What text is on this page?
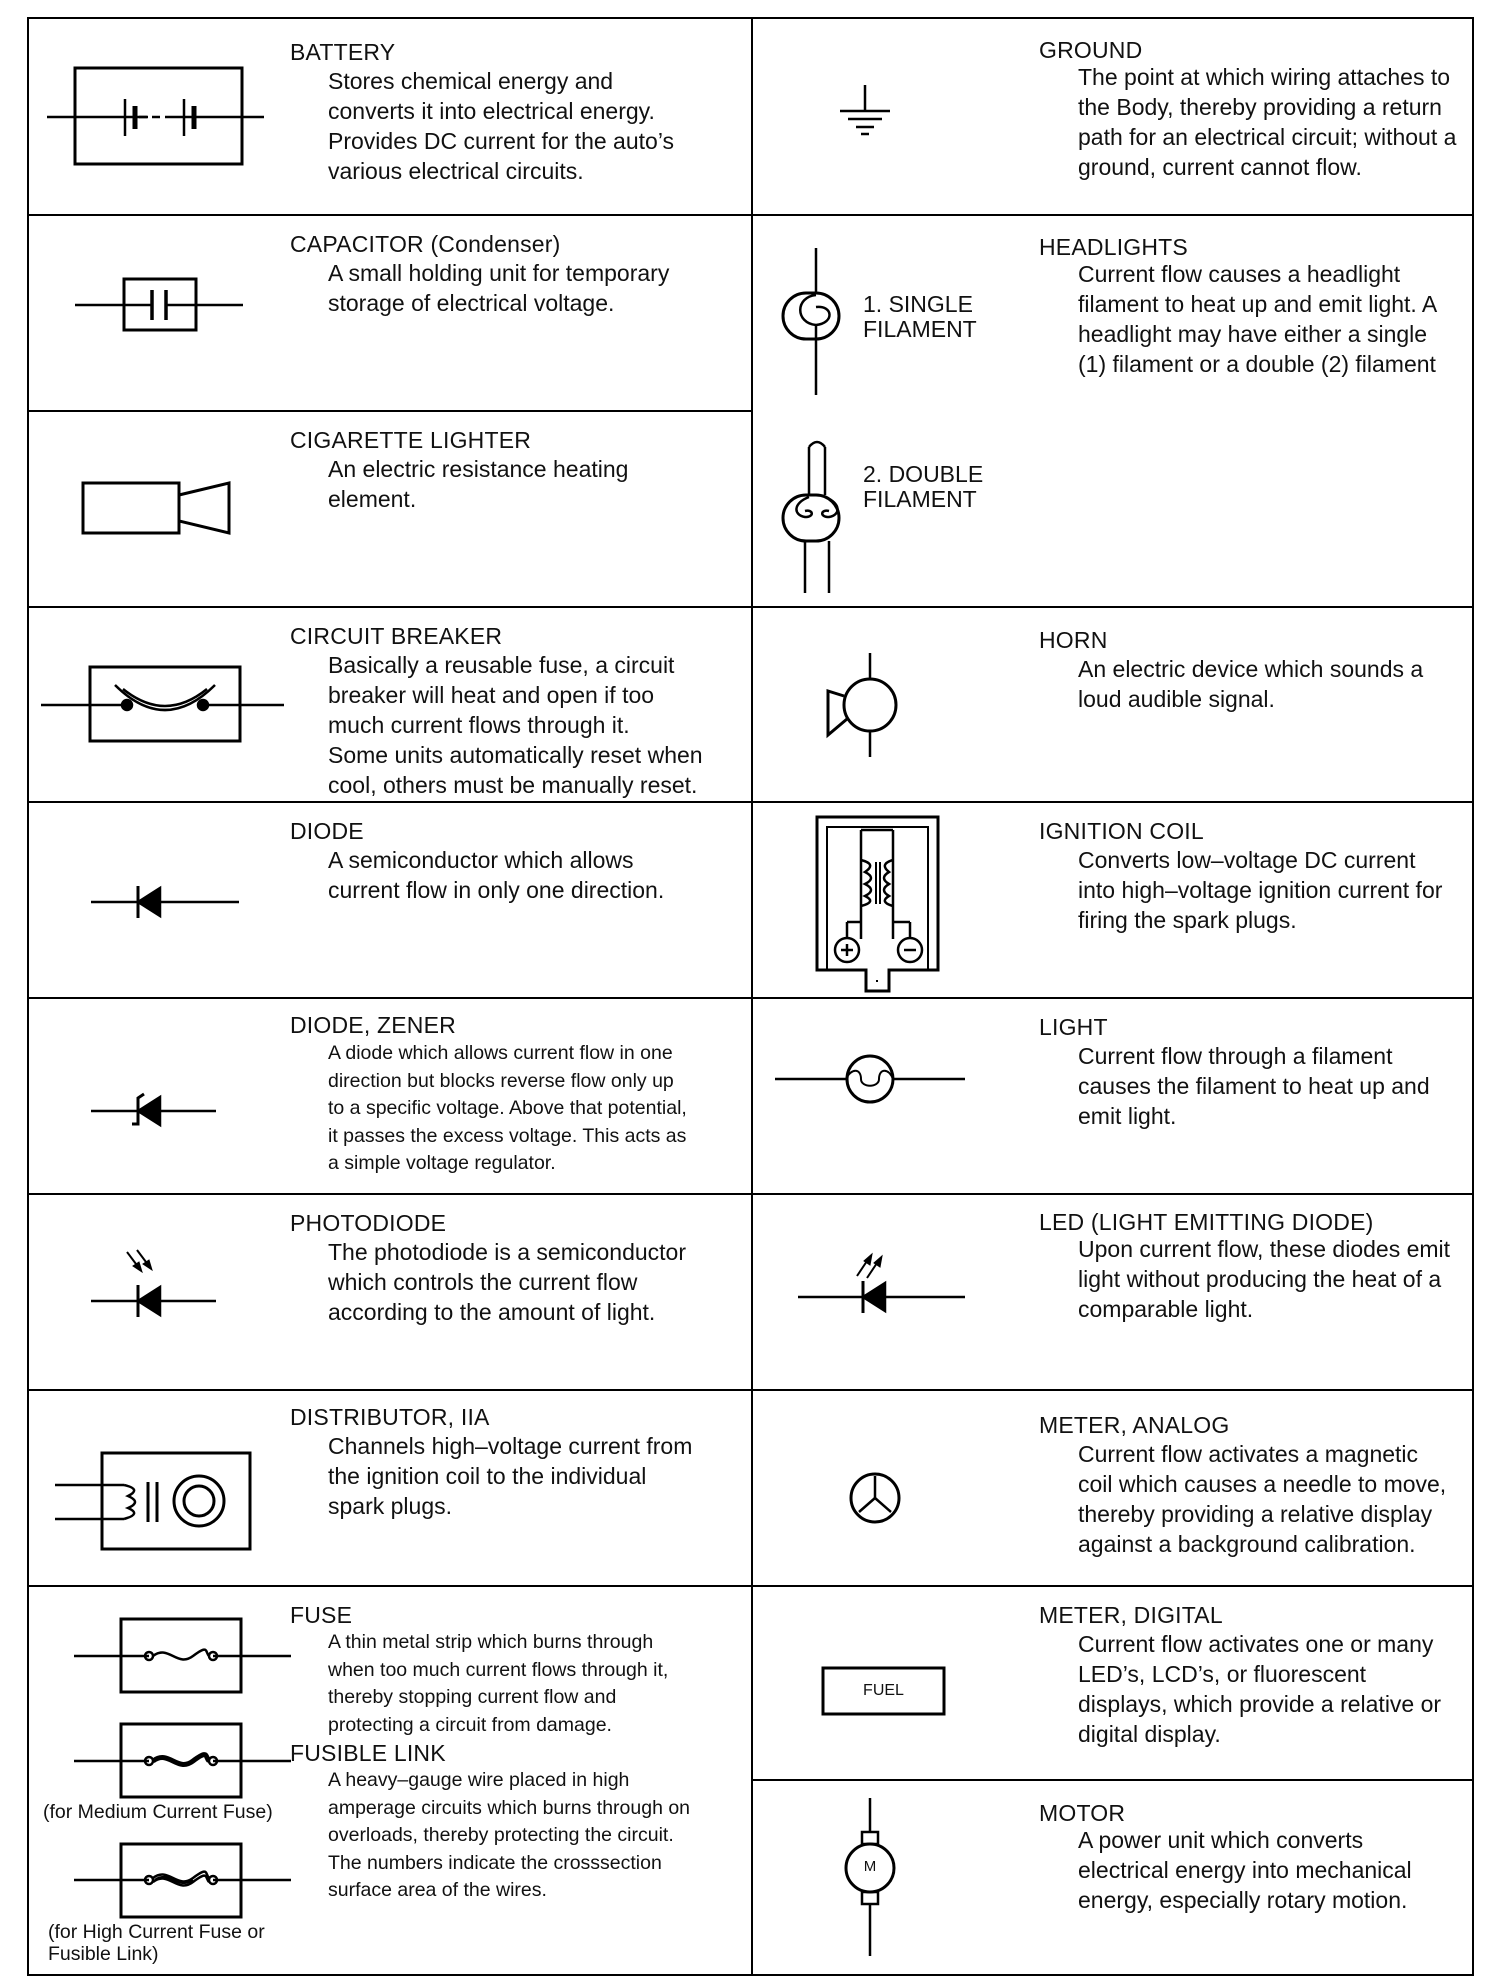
BATTERY
Stores chemical energy and
converts it into electrical energy.
Provides DC current for the auto’s
various electrical circuits.
CAPACITOR (Condenser)
A small holding unit for temporary
storage of electrical voltage.
CIGARETTE LIGHTER
An electric resistance heating
element.
CIRCUIT BREAKER
Basically a reusable fuse, a circuit
breaker will heat and open if too
much current flows through it.
Some units automatically reset when
cool, others must be manually reset.
DIODE
A semiconductor which allows
current flow in only one direction.
DIODE, ZENER
A diode which allows current flow in one
direction but blocks reverse flow only up
to a specific voltage. Above that potential,
it passes the excess voltage. This acts as
a simple voltage regulator.
PHOTODIODE
The photodiode is a semiconductor
which controls the current flow
according to the amount of light.
DISTRIBUTOR, IIA
Channels high–voltage current from
the ignition coil to the individual
spark plugs.
(for Medium Current Fuse)
(for High Current Fuse or
Fusible Link)
FUSE
A thin metal strip which burns through
when too much current flows through it,
thereby stopping current flow and
protecting a circuit from damage.
FUSIBLE LINK
A heavy–gauge wire placed in high
amperage circuits which burns through on
overloads, thereby protecting the circuit.
The numbers indicate the crosssection
surface area of the wires.
GROUND
The point at which wiring attaches to
the Body, thereby providing a return
path for an electrical circuit; without a
ground, current cannot flow.
1. SINGLE
FILAMENT
2. DOUBLE
FILAMENT
HEADLIGHTS
Current flow causes a headlight
filament to heat up and emit light. A
headlight may have either a single
(1) filament or a double (2) filament
HORN
An electric device which sounds a
loud audible signal.
IGNITION COIL
Converts low–voltage DC current
into high–voltage ignition current for
firing the spark plugs.
LIGHT
Current flow through a filament
causes the filament to heat up and
emit light.
LED (LIGHT EMITTING DIODE)
Upon current flow, these diodes emit
light without producing the heat of a
comparable light.
METER, ANALOG
Current flow activates a magnetic
coil which causes a needle to move,
thereby providing a relative display
against a background calibration.
FUEL
METER, DIGITAL
Current flow activates one or many
LED’s, LCD’s, or fluorescent
displays, which provide a relative or
digital display.
M
MOTOR
A power unit which converts
electrical energy into mechanical
energy, especially rotary motion.
